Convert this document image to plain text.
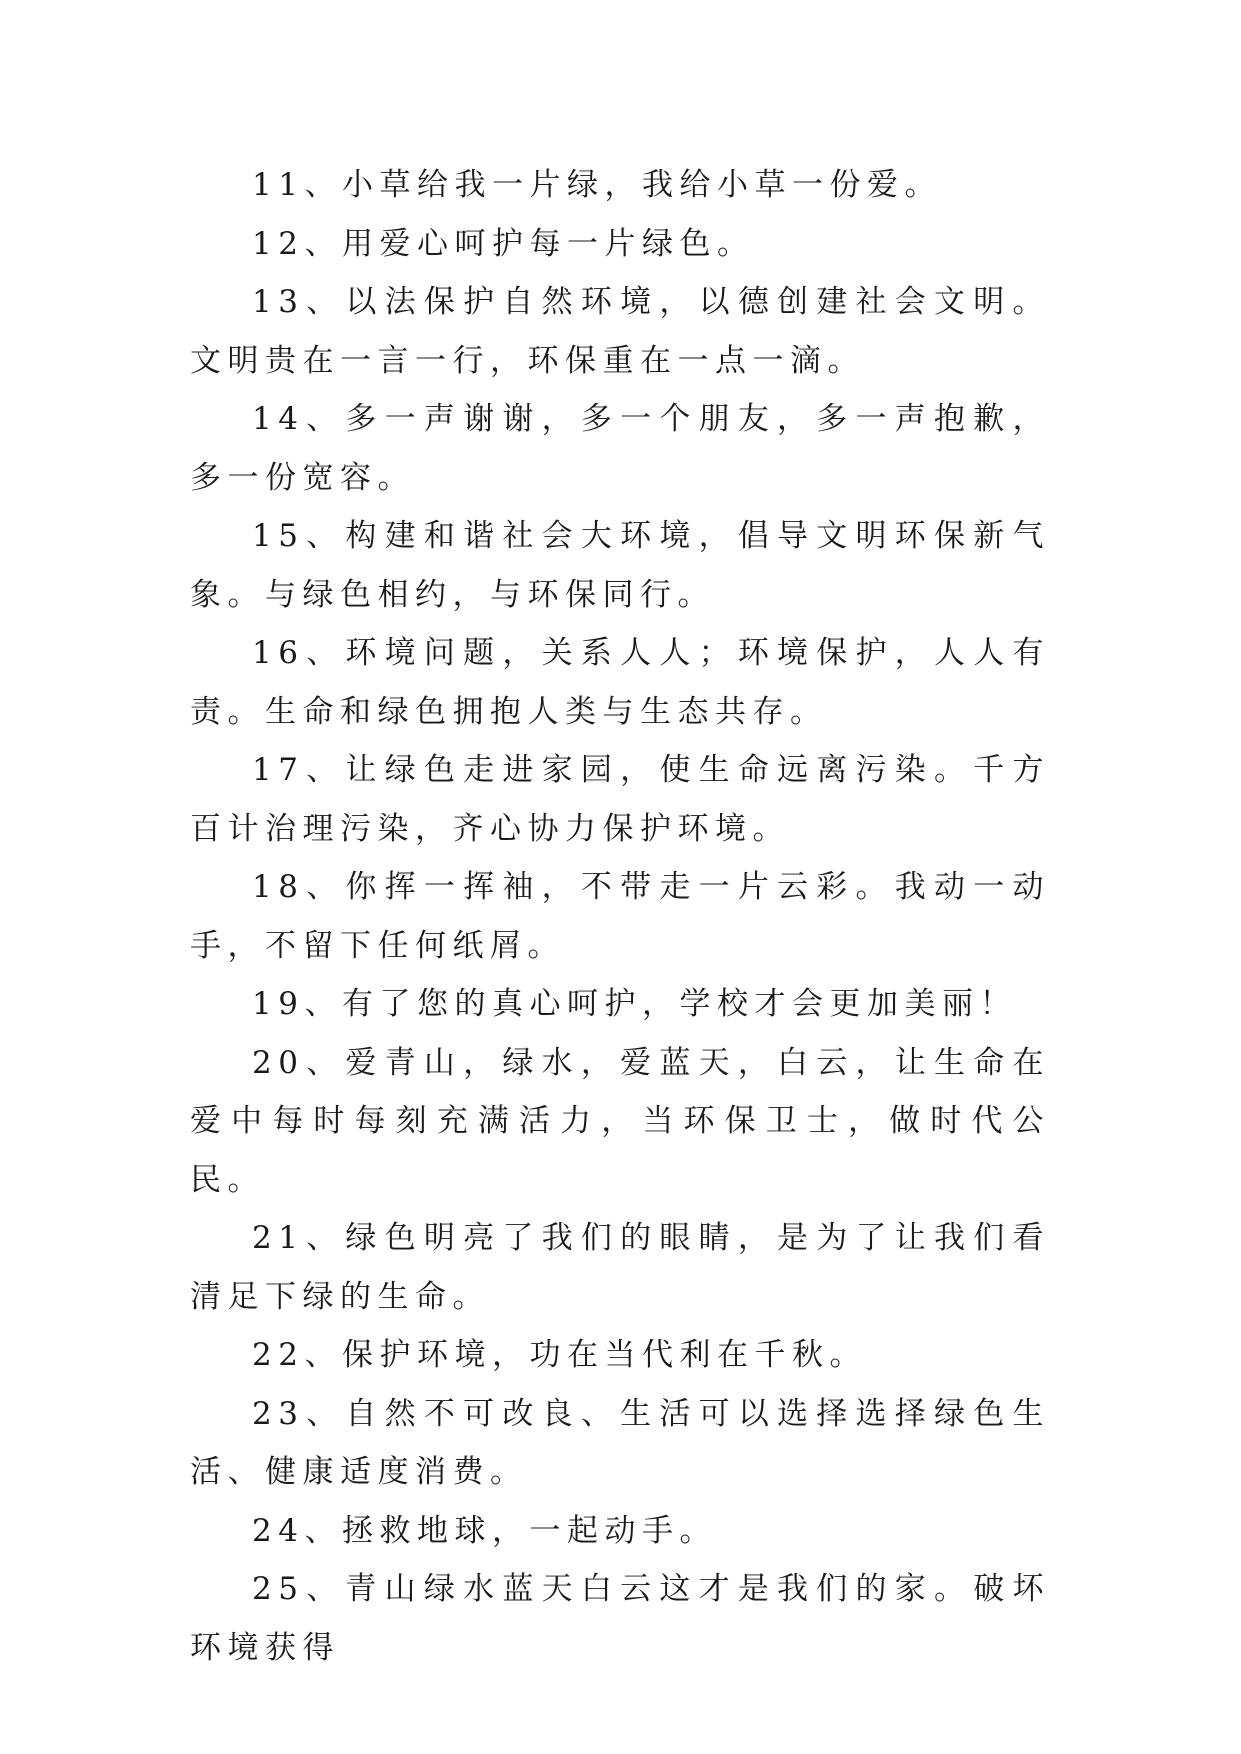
11、小草给我一片绿，我给小草一份爱。

12、用爱心呵护每一片绿色。

13、以法保护自然环境，以德创建社会文明。文明贵在一言一行，环保重在一点一滴。

14、多一声谢谢，多一个朋友，多一声抱歉，多一份宽容。

15、构建和谐社会大环境，倡导文明环保新气象。与绿色相约，与环保同行。

16、环境问题，关系人人；环境保护，人人有责。生命和绿色拥抱人类与生态共存。

17、让绿色走进家园，使生命远离污染。千方百计治理污染，齐心协力保护环境。

18、你挥一挥袖，不带走一片云彩。我动一动手，不留下任何纸屑。

19、有了您的真心呵护，学校才会更加美丽！

20、爱青山，绿水，爱蓝天，白云，让生命在爱中每时每刻充满活力，当环保卫士，做时代公民。

21、绿色明亮了我们的眼睛，是为了让我们看清足下绿的生命。

22、保护环境，功在当代利在千秋。

23、自然不可改良、生活可以选择选择绿色生活、健康适度消费。

24、拯救地球，一起动手。

25、青山绿水蓝天白云这才是我们的家。破坏环境获得
